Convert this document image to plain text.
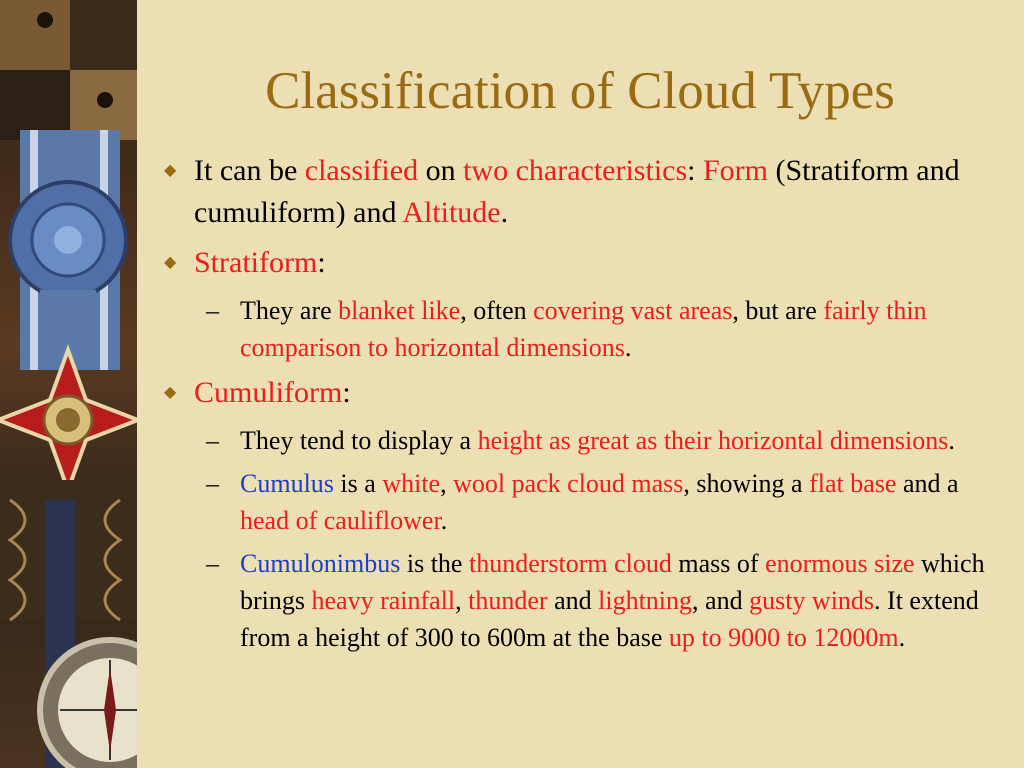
Classification of Cloud Types
◆ It can be classified on two characteristics: Form (Stratiform and cumuliform) and Altitude.
◆ Stratiform:
– They are blanket like, often covering vast areas, but are fairly thin comparison to horizontal dimensions.
◆ Cumuliform:
– They tend to display a height as great as their horizontal dimensions.
– Cumulus is a white, wool pack cloud mass, showing a flat base and a head of cauliflower.
– Cumulonimbus is the thunderstorm cloud mass of enormous size which brings heavy rainfall, thunder and lightning, and gusty winds. It extend from a height of 300 to 600m at the base up to 9000 to 12000m.
